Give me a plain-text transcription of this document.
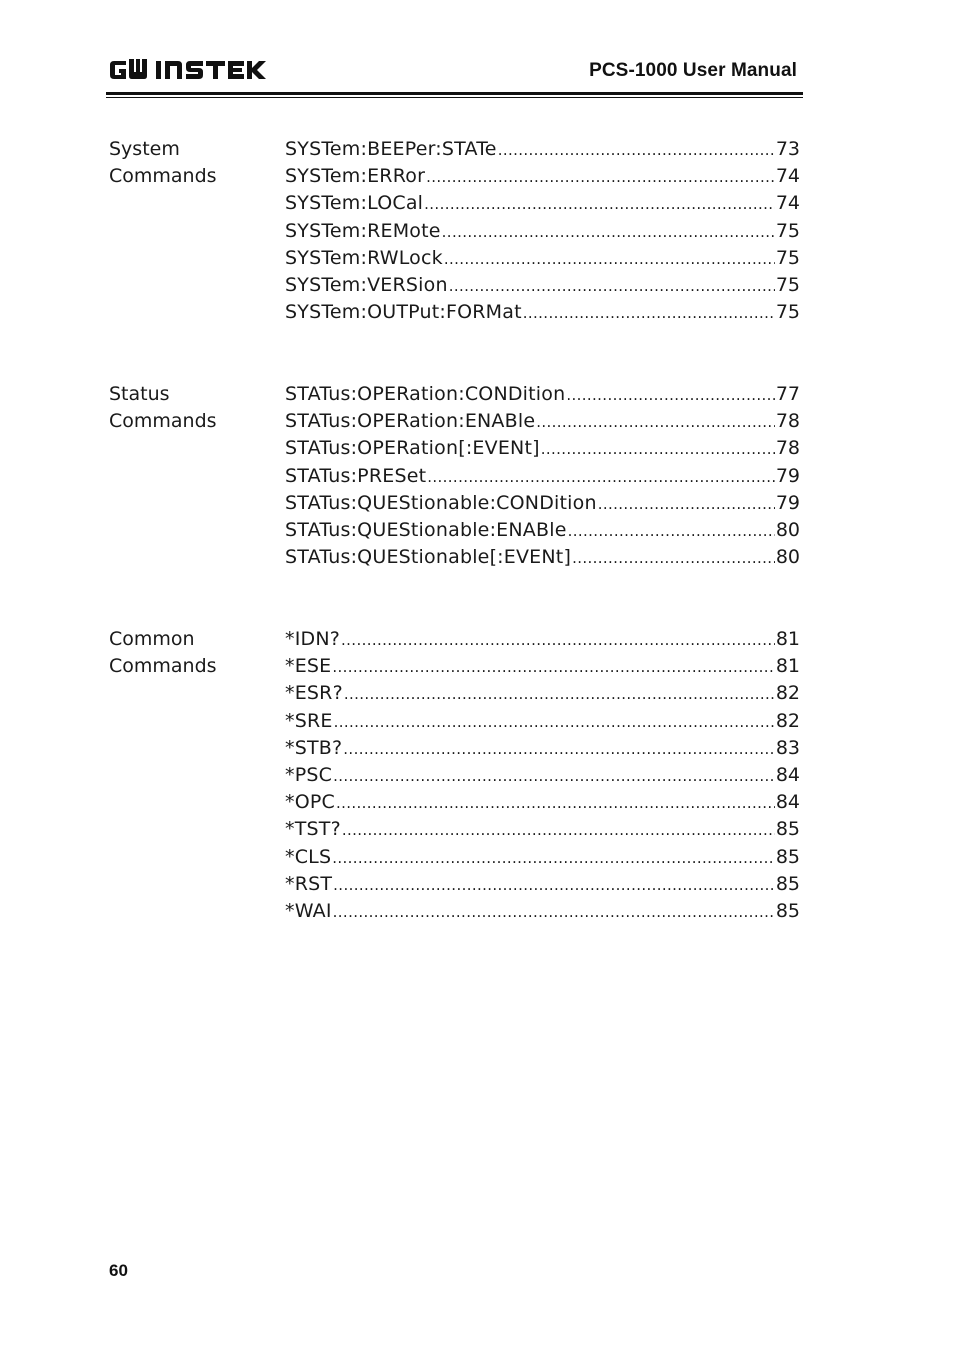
PCS-1000 User Manual
System
Commands
SYSTem:BEEPer:STATe . . .	73
SYSTem:ERRor . . .	74
SYSTem:LOCal . . .	74
SYSTem:REMote . . .	75
SYSTem:RWLock . . .	75
SYSTem:VERSion . . .	75
SYSTem:OUTPut:FORMat . . .	75
Status
Commands
STATus:OPERation:CONDition . . .	77
STATus:OPERation:ENABle . . .	78
STATus:OPERation[:EVENt] . . .	78
STATus:PRESet . . .	79
STATus:QUEStionable:CONDition . . .	79
STATus:QUEStionable:ENABle . . .	80
STATus:QUEStionable[:EVENt] . . .	80
Common
Commands
*IDN? . . .	81
*ESE . . .	81
*ESR? . . .	82
*SRE . . .	82
*STB? . . .	83
*PSC . . .	84
*OPC . . .	84
*TST? . . .	85
*CLS . . .	85
*RST . . .	85
*WAI . . .	85
60
